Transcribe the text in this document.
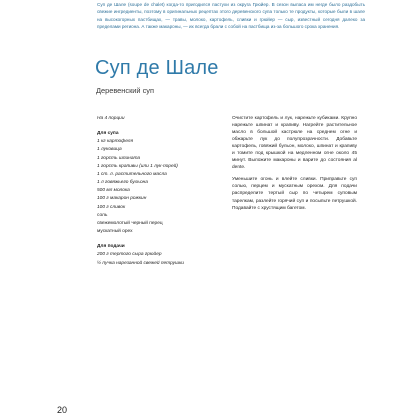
Суп де Шале (soupe de chalet) когда-то пригодился пастухи из округа Грюйер. В сезон выпаса им негде было раздобыть свежие ингредиенты, поэтому в оригинальных рецептах этого деревенского супа только те продукты, которые были в шале на высокогорных пастбищах, — травы, молоко, картофель, сливки и грюйер — сыр, известный сегодня далеко за пределами региона. А также макароны, — их всегда брали с собой на пастбища из-за большого срока хранения.

Суп де Шале
Деревенский суп
На 4 порции
Для супа
1 кг картофеля
1 луковица
1 горсть шпината
1 горсть крапивы (или 1 лук-порей)
1 ст. л. растительного масла
1 л говяжьего бульона
500 мл молока
100 г макарон рожкин
100 г сливок
соль
свежемолотый черный перец
мускатный орех
Для подачи
200 г тертого сыра грюйер
½ пучка нарезанной свежей петрушки

Очистите картофель и лук, нарежьте кубиками. Крупно нарежьте шпинат и крапиву. Нагрейте растительное масло в большой кастрюле на среднем огне и обжарьте лук до полупрозрачности. Добавьте картофель, говяжий бульон, молоко, шпинат и крапиву и томите под крышкой на медленном огне около 45 минут. Выложите макароны и варите до состояния al dente.

Уменьшите огонь и влейте сливки. Приправьте суп солью, перцем и мускатным орехом. Для подачи распределите тертый сыр по четырем суповым тарелкам, разлейте горячий суп и посыпьте петрушкой. Подавайте с хрустящим багетом.

20
